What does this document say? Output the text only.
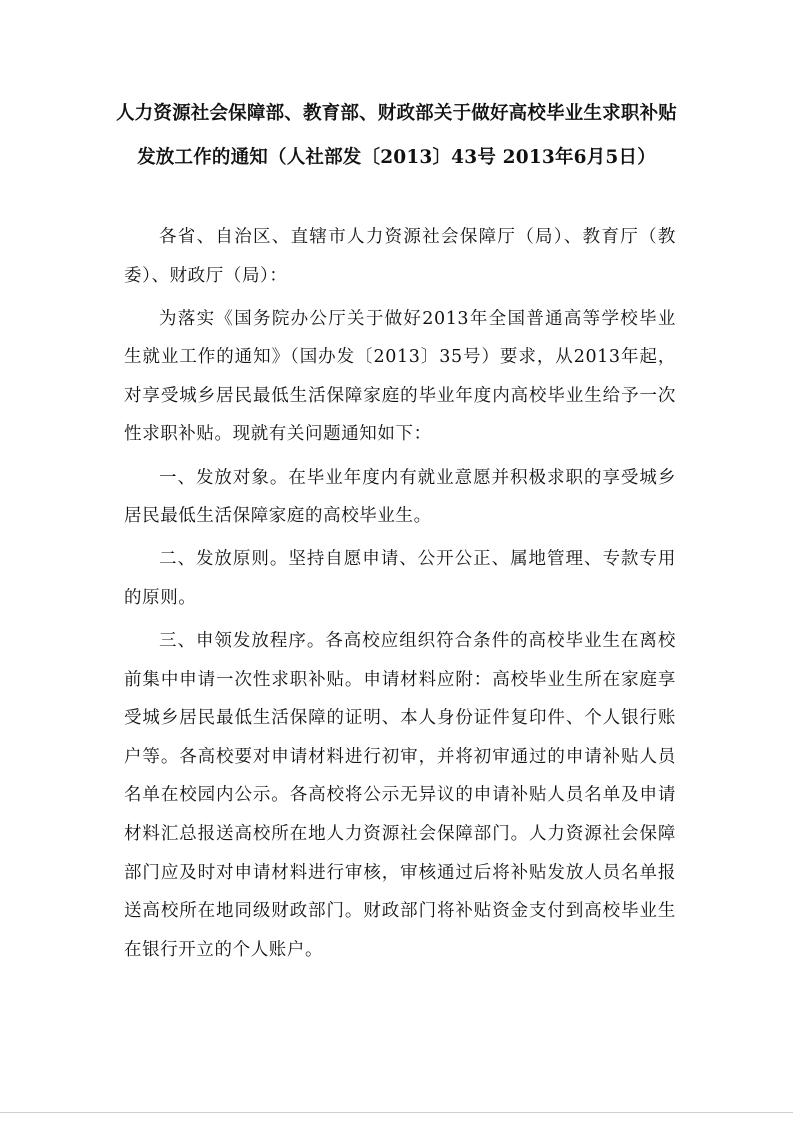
人力资源社会保障部、教育部、财政部关于做好高校毕业生求职补贴
发放工作的通知（人社部发〔2013〕43号 2013年6月5日）

各省、自治区、直辖市人力资源社会保障厅（局）、教育厅（教委）、财政厅（局）：

为落实《国务院办公厅关于做好2013年全国普通高等学校毕业生就业工作的通知》（国办发〔2013〕35号）要求，从2013年起，对享受城乡居民最低生活保障家庭的毕业年度内高校毕业生给予一次性求职补贴。现就有关问题通知如下：

一、发放对象。在毕业年度内有就业意愿并积极求职的享受城乡居民最低生活保障家庭的高校毕业生。

二、发放原则。坚持自愿申请、公开公正、属地管理、专款专用的原则。

三、申领发放程序。各高校应组织符合条件的高校毕业生在离校前集中申请一次性求职补贴。申请材料应附：高校毕业生所在家庭享受城乡居民最低生活保障的证明、本人身份证件复印件、个人银行账户等。各高校要对申请材料进行初审，并将初审通过的申请补贴人员名单在校园内公示。各高校将公示无异议的申请补贴人员名单及申请材料汇总报送高校所在地人力资源社会保障部门。人力资源社会保障部门应及时对申请材料进行审核，审核通过后将补贴发放人员名单报送高校所在地同级财政部门。财政部门将补贴资金支付到高校毕业生在银行开立的个人账户。
